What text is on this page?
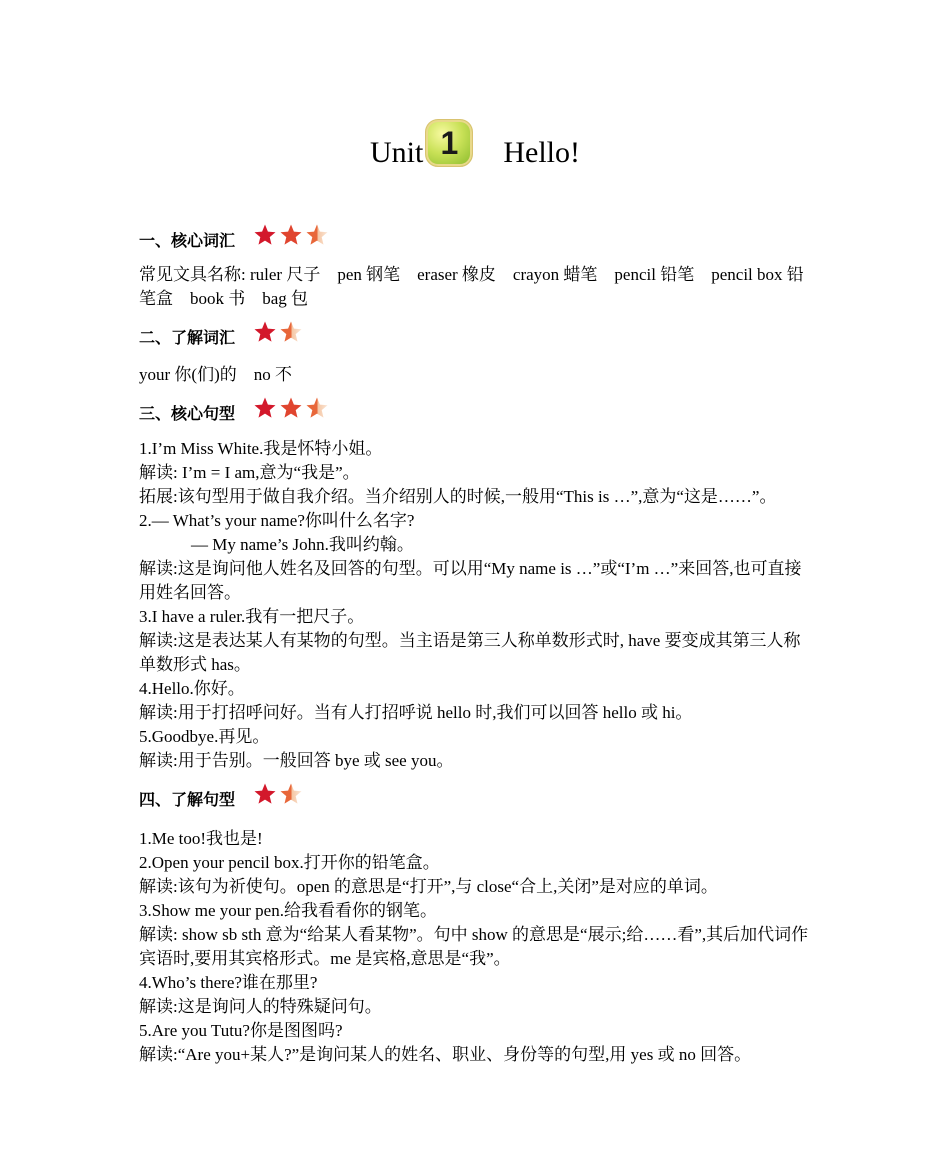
Unit 1 Hello!
一、核心词汇

常见文具名称: ruler 尺子　pen 钢笔　eraser 橡皮　crayon 蜡笔　pencil 铅笔　pencil box 铅笔盒　book 书　bag 包

二、了解词汇

your 你(们)的　no 不

三、核心句型

1.I’m Miss White.我是怀特小姐。

解读: I’m = I am,意为“我是”。

拓展:该句型用于做自我介绍。当介绍别人的时候,一般用“This is …”,意为“这是……”。

2.— What’s your name?你叫什么名字?

— My name’s John.我叫约翰。

解读:这是询问他人姓名及回答的句型。可以用“My name is …”或“I’m …”来回答,也可直接用姓名回答。

3.I have a ruler.我有一把尺子。

解读:这是表达某人有某物的句型。当主语是第三人称单数形式时, have 要变成其第三人称单数形式 has。

4.Hello.你好。

解读:用于打招呼问好。当有人打招呼说 hello 时,我们可以回答 hello 或 hi。

5.Goodbye.再见。

解读:用于告别。一般回答 bye 或 see you。

四、了解句型

1.Me too!我也是!

2.Open your pencil box.打开你的铅笔盒。

解读:该句为祈使句。open 的意思是“打开”,与 close“合上,关闭”是对应的单词。

3.Show me your pen.给我看看你的钢笔。

解读: show sb sth 意为“给某人看某物”。句中 show 的意思是“展示;给……看”,其后加代词作宾语时,要用其宾格形式。me 是宾格,意思是“我”。

4.Who’s there?谁在那里?

解读:这是询问人的特殊疑问句。

5.Are you Tutu?你是图图吗?

解读:“Are you+某人?”是询问某人的姓名、职业、身份等的句型,用 yes 或 no 回答。
